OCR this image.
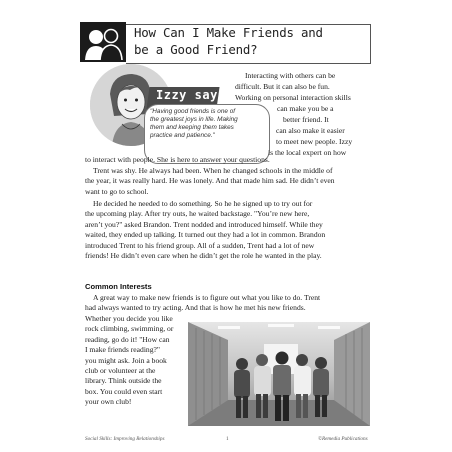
How Can I Make Friends and
be a Good Friend?
Izzy says:
"Having good friends is one of
the greatest joys in life. Making
them and keeping them takes
practice and patience."
Interacting with others can be
difficult. But it can also be fun.
Working on personal interaction skills
can make you be a
better friend. It
can also make it easier
to meet new people. Izzy
is the local expert on how
to interact with people. She is here to answer your questions.
Trent was shy. He always had been. When he changed schools in the middle of
the year, it was really hard. He was lonely. And that made him sad. He didn’t even
want to go to school.
He decided he needed to do something. So he he signed up to try out for
the upcoming play. After try outs, he waited backstage. "You’re new here,
aren’t you?" asked Brandon. Trent nodded and introduced himself. While they
waited, they ended up talking. It turned out they had a lot in common. Brandon
introduced Trent to his friend group. All of a sudden, Trent had a lot of new
friends! He didn’t even care when he didn’t get the role he wanted in the play.
Common Interests
A great way to make new friends is to figure out what you like to do. Trent
had always wanted to try acting. And that is how he met his new friends.
Whether you decide you like
rock climbing, swimming, or
reading, go do it! "How can
I make friends reading?"
you might ask. Join a book
club or volunteer at the
library. Think outside the
box. You could even start
your own club!
Social Skills: Improving Relationships	1	©Remedia Publications
